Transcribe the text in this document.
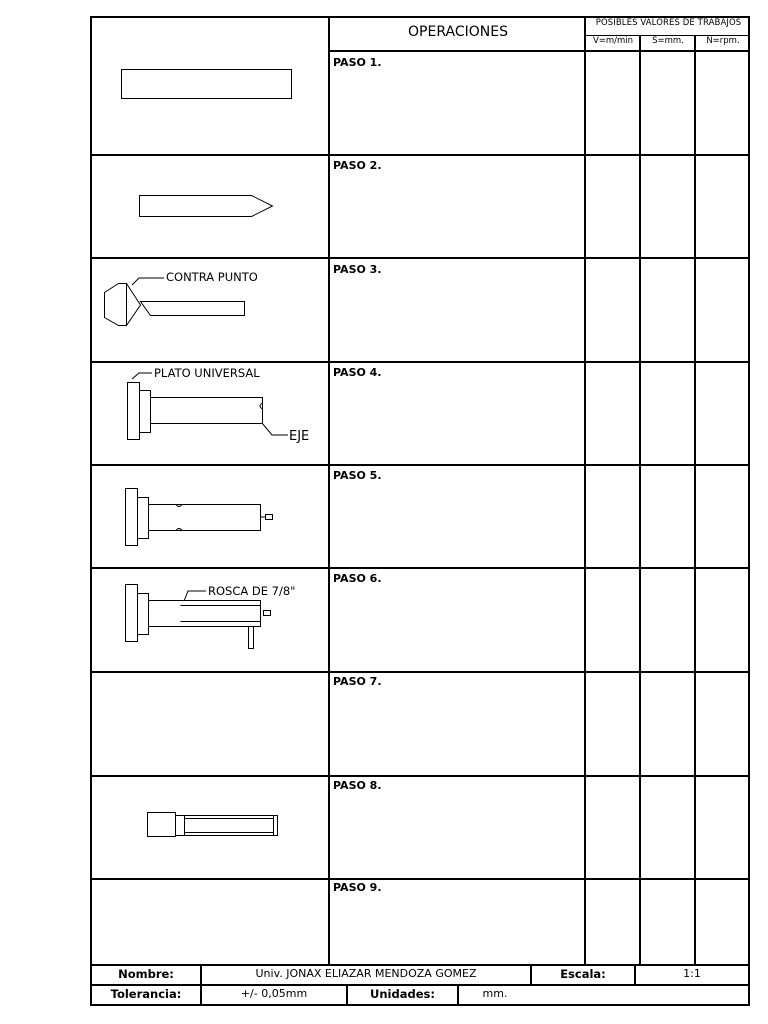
OPERACIONES
POSIBLES VALORES DE TRABAJOS
V=m/min	S=mm.	N=rpm.
PASO 1.
PASO 2.
PASO 3.
PASO 4.
PASO 5.
PASO 6.
PASO 7.
PASO 8.
PASO 9.
CONTRA PUNTO
PLATO UNIVERSAL
EJE
ROSCA DE 7/8"
Nombre:	Univ. JONAX ELIAZAR MENDOZA GOMEZ	Escala:	1:1
Tolerancia:	+/- 0,05mm	Unidades:	mm.
